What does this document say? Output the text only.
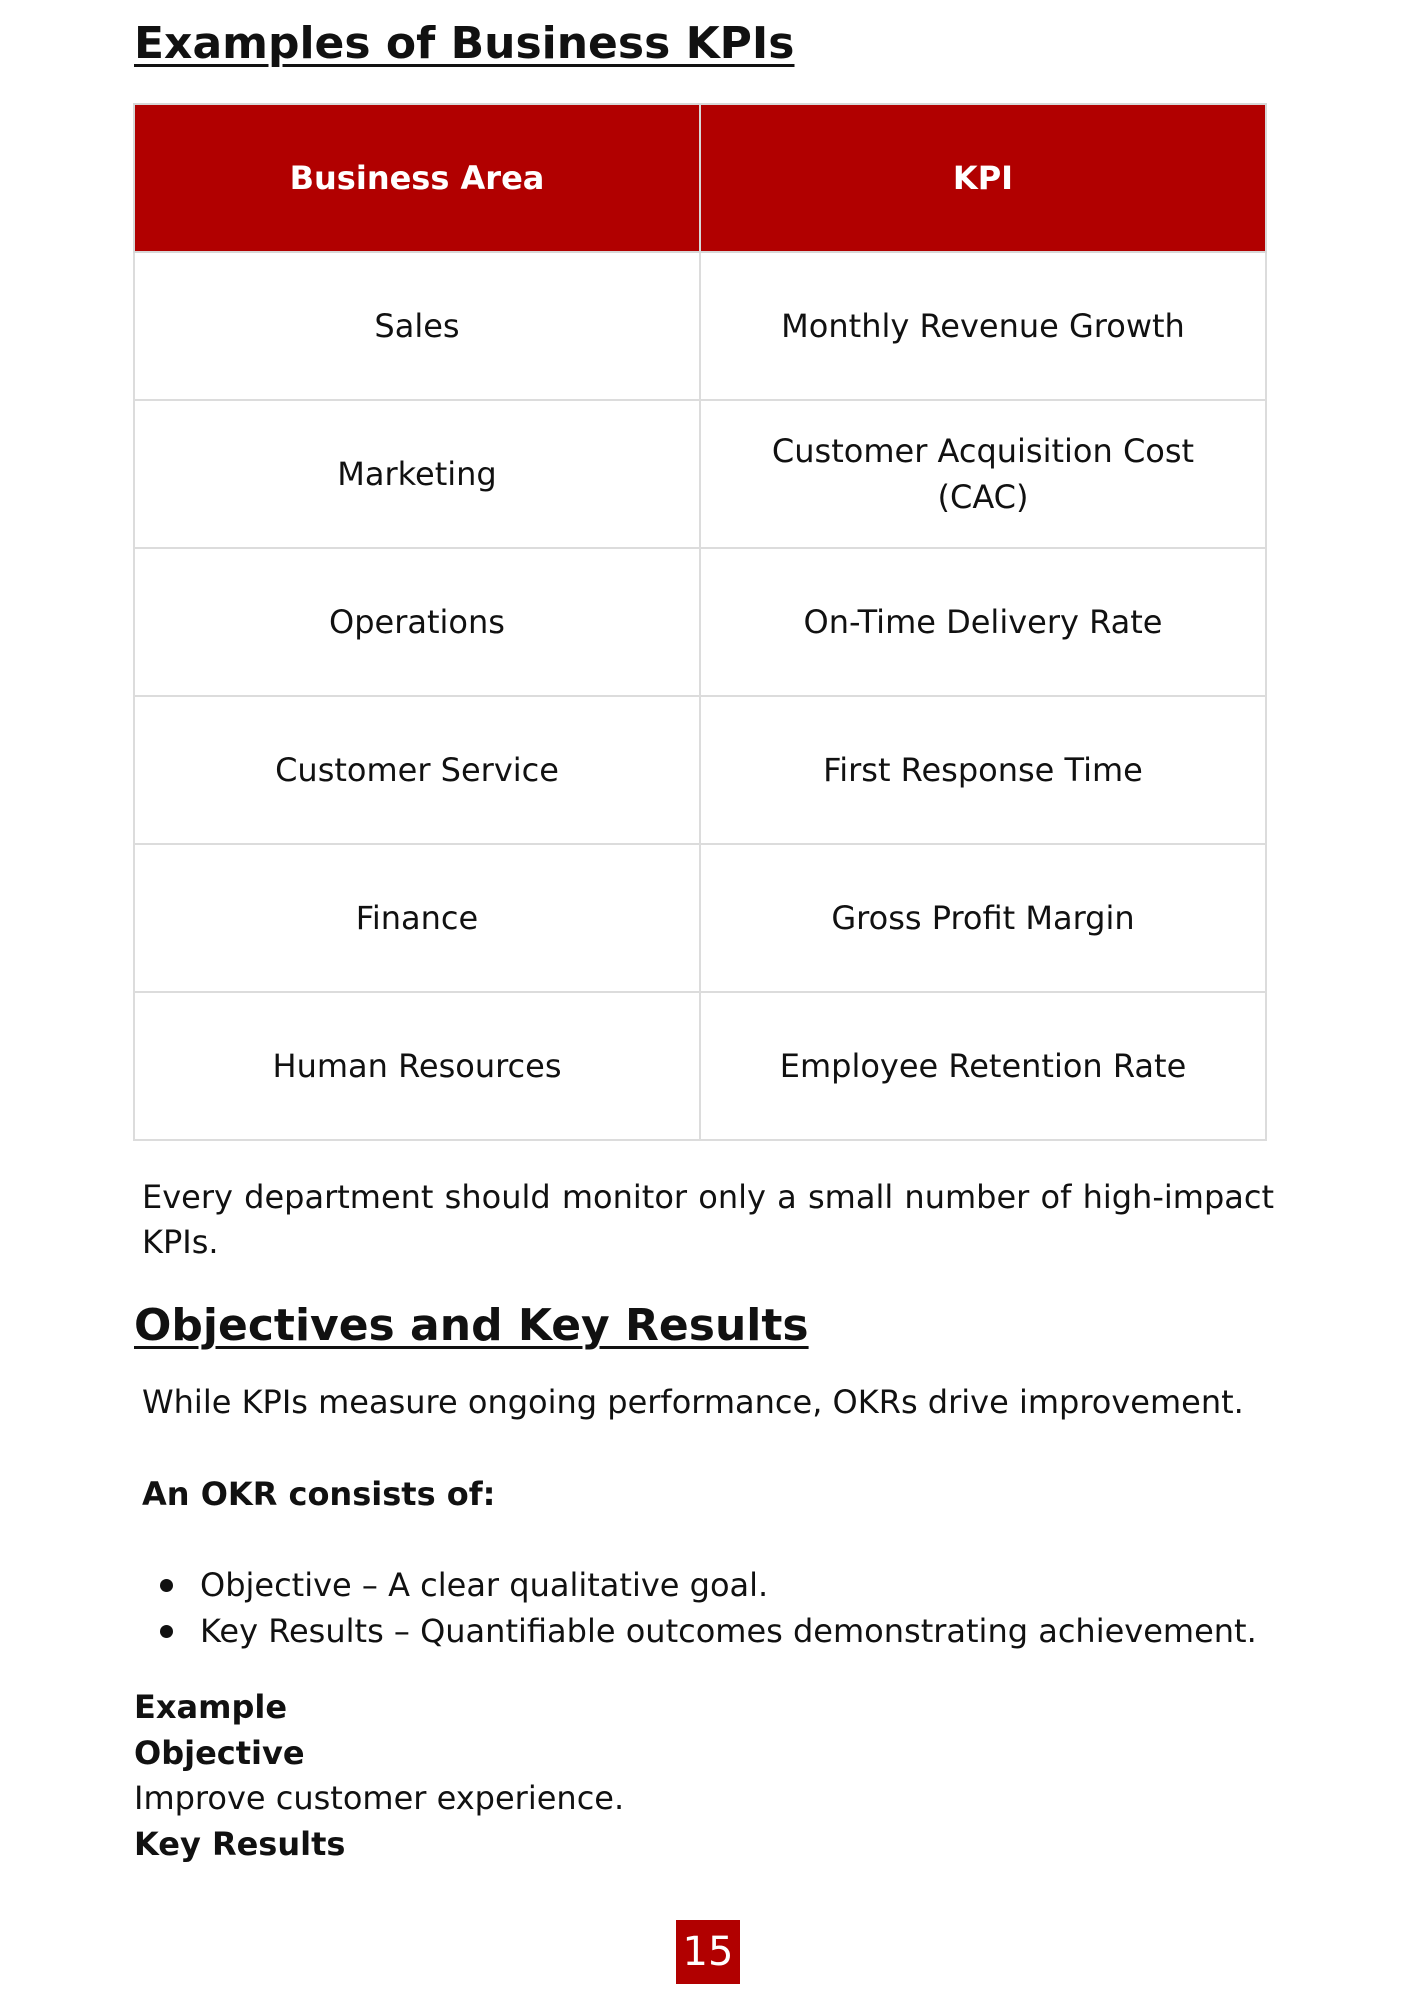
Examples of Business KPIs
Business Area	KPI
Sales	Monthly Revenue Growth
Marketing	Customer Acquisition Cost (CAC)
Operations	On-Time Delivery Rate
Customer Service	First Response Time
Finance	Gross Profit Margin
Human Resources	Employee Retention Rate

Every department should monitor only a small number of high-impact KPIs.

Objectives and Key Results

While KPIs measure ongoing performance, OKRs drive improvement.

An OKR consists of:

Objective – A clear qualitative goal.
Key Results – Quantifiable outcomes demonstrating achievement.
Example
Objective
Improve customer experience.
Key Results
15
